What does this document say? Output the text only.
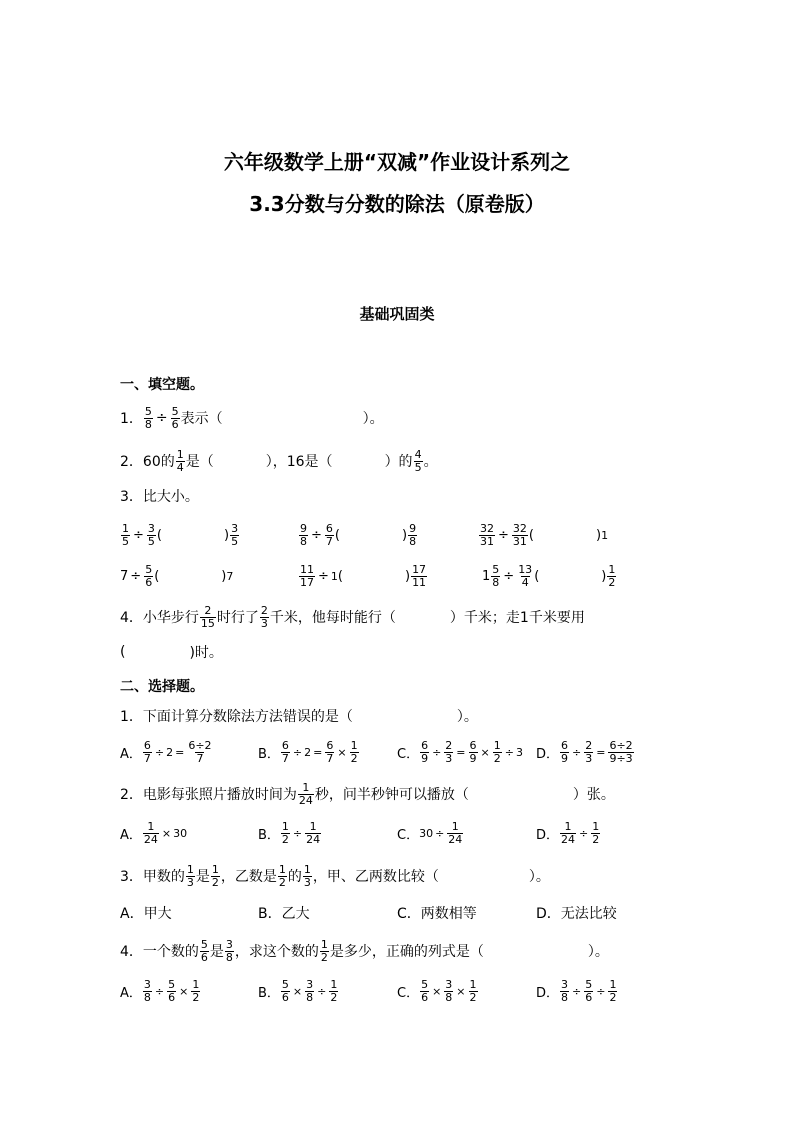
六年级数学上册“双减”作业设计系列之
3.3分数与分数的除法（原卷版）
基础巩固类
一、填空题。
1． $\frac{5}{8} \div \frac{5}{6}$ 表示（	）。
2．60的 $\frac{1}{4}$ 是（	），16是（	）的 $\frac{4}{5}$ 。
3．比大小。
$\frac{1}{5} \div \frac{3}{5}$ (	) $\frac{3}{5}$	$\frac{9}{8} \div \frac{6}{7}$ (	) $\frac{9}{8}$	$\frac{32}{31} \div \frac{32}{31}$ (	) 1
$7 \div \frac{5}{6}$ (	) 7	$\frac{11}{17} \div 1$ (	) $\frac{17}{11}$	$1 \frac{5}{8} \div \frac{13}{4}$ (	) $\frac{1}{2}$
4．小华步行 $\frac{2}{15}$ 时行了 $\frac{2}{3}$ 千米，他每时能行（	）千米；走1千米要用
(	)时。
二、选择题。
1．下面计算分数除法方法错误的是（	）。
A． $\frac{6}{7} \div 2 = \frac{6\div 2}{7}$	B． $\frac{6}{7} \div 2 = \frac{6}{7} \times \frac{1}{2}$	C． $\frac{6}{9} \div \frac{2}{3} = \frac{6}{9} \times \frac{1}{2} \div 3$ D． $\frac{6}{9} \div \frac{2}{3} = \frac{6\div 2}{9\div 3}$
2．电影每张照片播放时间为 $\frac{1}{24}$ 秒，问半秒钟可以播放（	）张。
A． $\frac{1}{24} \times 30$	B． $\frac{1}{2} \div \frac{1}{24}$	C． $30 \div \frac{1}{24}$	D． $\frac{1}{24} \div \frac{1}{2}$
3．甲数的 $\frac{1}{3}$ 是 $\frac{1}{2}$ ，乙数是 $\frac{1}{2}$ 的 $\frac{1}{3}$ ，甲、乙两数比较（	）。
A．甲大	B．乙大	C．两数相等	D．无法比较
4．一个数的 $\frac{5}{6}$ 是 $\frac{3}{8}$ ，求这个数的 $\frac{1}{2}$ 是多少，正确的列式是（	）。
A． $\frac{3}{8} \div \frac{5}{6} \times \frac{1}{2}$	B． $\frac{5}{6} \times \frac{3}{8} \div \frac{1}{2}$	C． $\frac{5}{6} \times \frac{3}{8} \times \frac{1}{2}$	D． $\frac{3}{8} \div \frac{5}{6} \div \frac{1}{2}$
